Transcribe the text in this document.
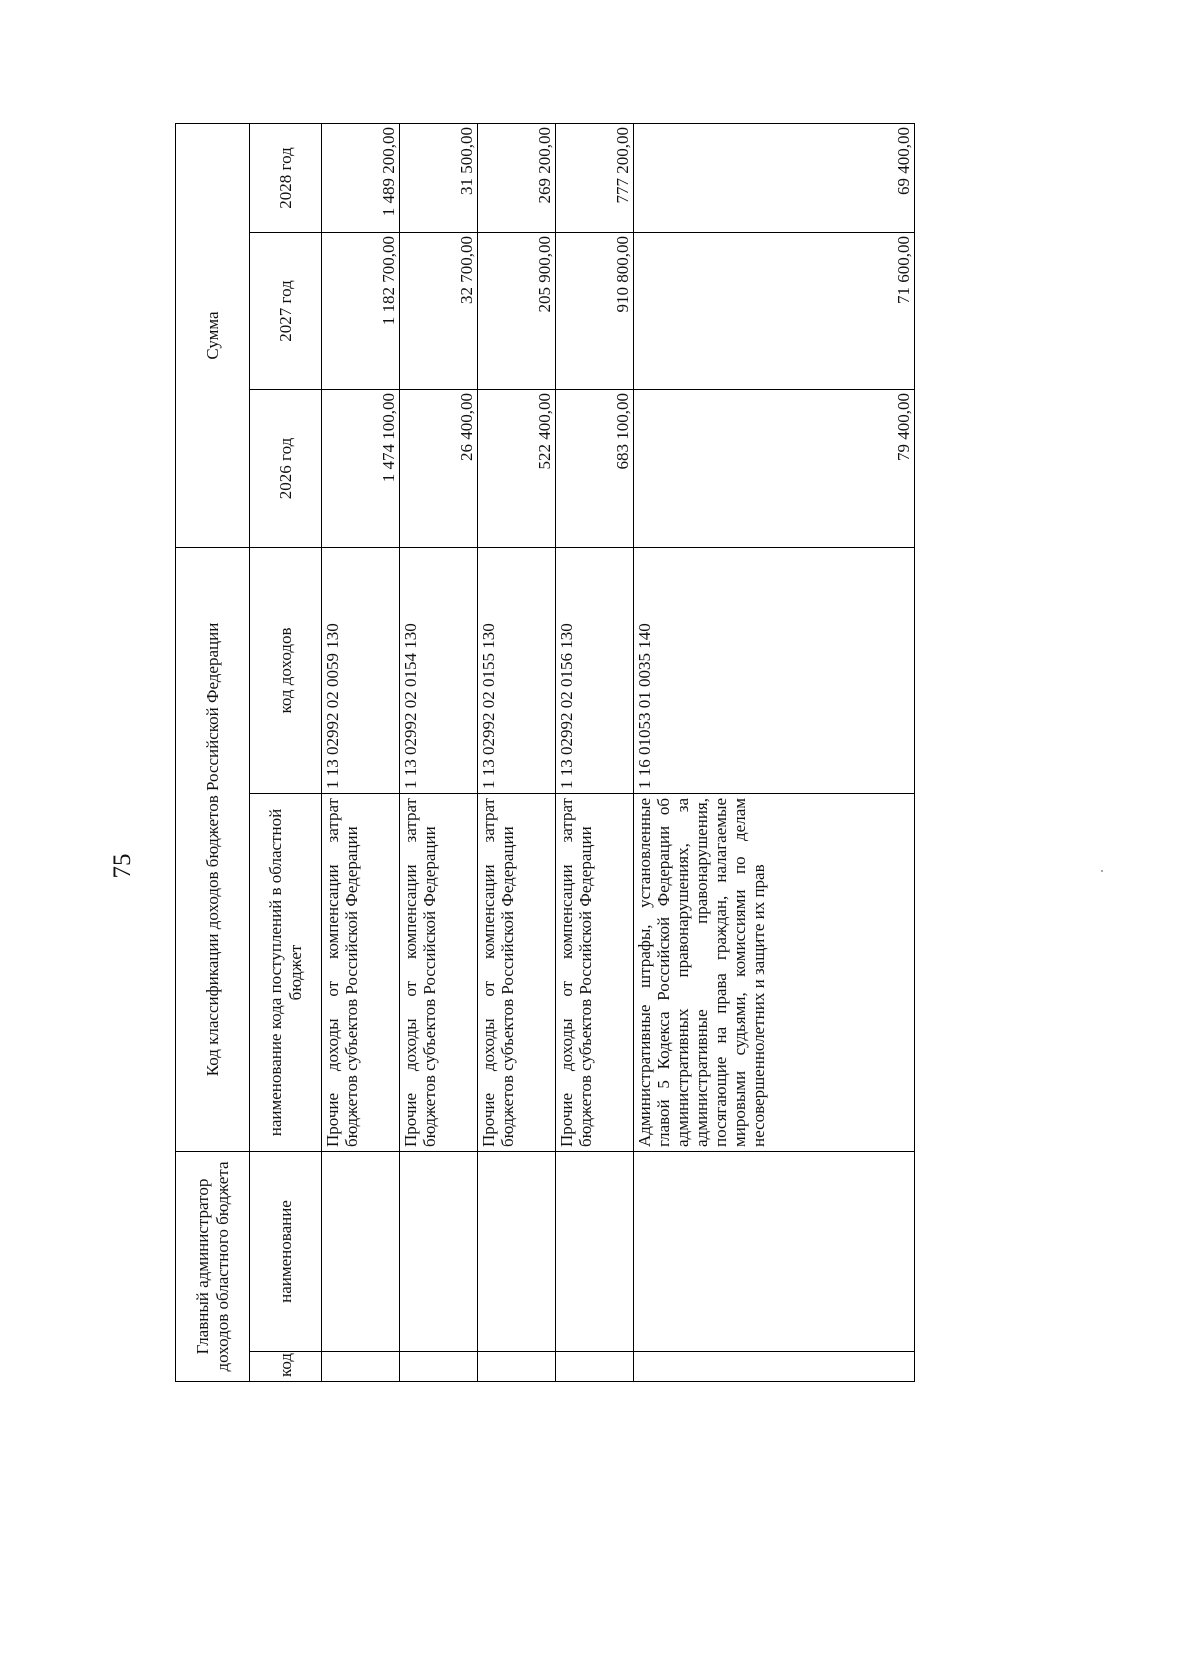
75
Главный администратор доходов областного бюджета		Код классификации доходов бюджетов Российской Федерации		Сумма		
код	наименование	наименование кода поступлений в областной бюджет	код доходов	2026 год	2027 год	2028 год
		Прочие доходы от компенсации затрат бюджетов субъектов Российской Федерации	1 13 02992 02 0059 130	1 474 100,00	1 182 700,00	1 489 200,00
		Прочие доходы от компенсации затрат бюджетов субъектов Российской Федерации	1 13 02992 02 0154 130	26 400,00	32 700,00	31 500,00
		Прочие доходы от компенсации затрат бюджетов субъектов Российской Федерации	1 13 02992 02 0155 130	522 400,00	205 900,00	269 200,00
		Прочие доходы от компенсации затрат бюджетов субъектов Российской Федерации	1 13 02992 02 0156 130	683 100,00	910 800,00	777 200,00
		Административные штрафы, установленные главой 5 Кодекса Российской Федерации об административных правонарушениях, за административные правонарушения, посягающие на права граждан, налагаемые мировыми судьями, комиссиями по делам несовершеннолетних и защите их прав	1 16 01053 01 0035 140	79 400,00	71 600,00	69 400,00
